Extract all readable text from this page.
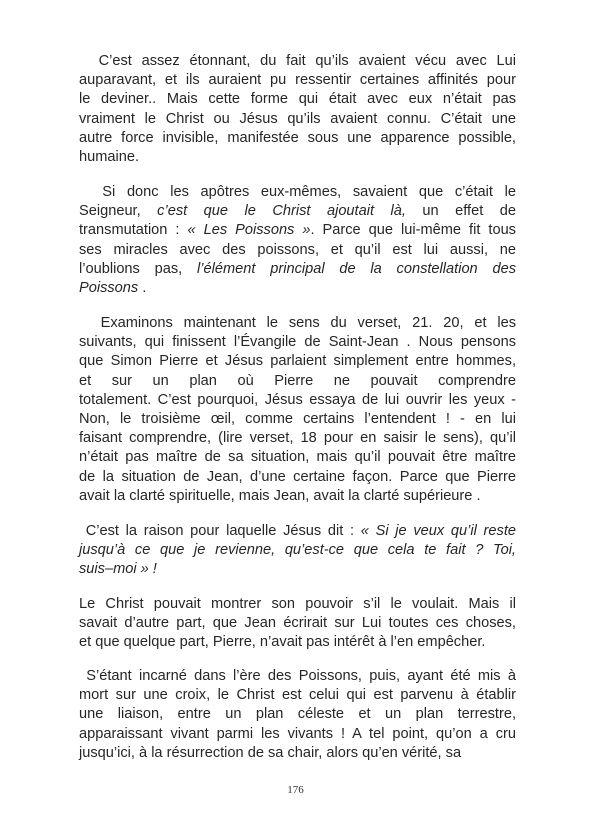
C’est assez étonnant, du fait qu’ils avaient vécu avec Lui
auparavant, et ils auraient pu ressentir certaines affinités pour
le deviner.. Mais cette forme qui était avec eux n’était pas
vraiment le Christ ou Jésus qu’ils avaient connu. C’était une
autre force invisible, manifestée sous une apparence possible,
humaine.
Si donc les apôtres eux-mêmes, savaient que c’était le
Seigneur, c’est que le Christ ajoutait là, un effet de
transmutation : « Les Poissons ». Parce que lui-même fit tous
ses miracles avec des poissons, et qu’il est lui aussi, ne
l’oublions pas, l’élément principal de la constellation des
Poissons .
Examinons maintenant le sens du verset, 21. 20, et les
suivants, qui finissent l’Évangile de Saint-Jean . Nous pensons
que Simon Pierre et Jésus parlaient simplement entre hommes,
et sur un plan où Pierre ne pouvait comprendre
totalement. C’est pourquoi, Jésus essaya de lui ouvrir les yeux -
Non, le troisième œil, comme certains l’entendent ! - en lui
faisant comprendre, (lire verset, 18 pour en saisir le sens), qu’il
n’était pas maître de sa situation, mais qu’il pouvait être maître
de la situation de Jean, d’une certaine façon. Parce que Pierre
avait la clarté spirituelle, mais Jean, avait la clarté supérieure .
C’est la raison pour laquelle Jésus dit : « Si je veux qu’il reste
jusqu’à ce que je revienne, qu’est-ce que cela te fait ? Toi,
suis–moi » !
Le Christ pouvait montrer son pouvoir s’il le voulait. Mais il
savait d’autre part, que Jean écrirait sur Lui toutes ces choses,
et que quelque part, Pierre, n’avait pas intérêt à l’en empêcher.
S’étant incarné dans l’ère des Poissons, puis, ayant été mis à
mort sur une croix, le Christ est celui qui est parvenu à établir
une liaison, entre un plan céleste et un plan terrestre,
apparaissant vivant parmi les vivants ! A tel point, qu’on a cru
jusqu’ici, à la résurrection de sa chair, alors qu’en vérité, sa
176
